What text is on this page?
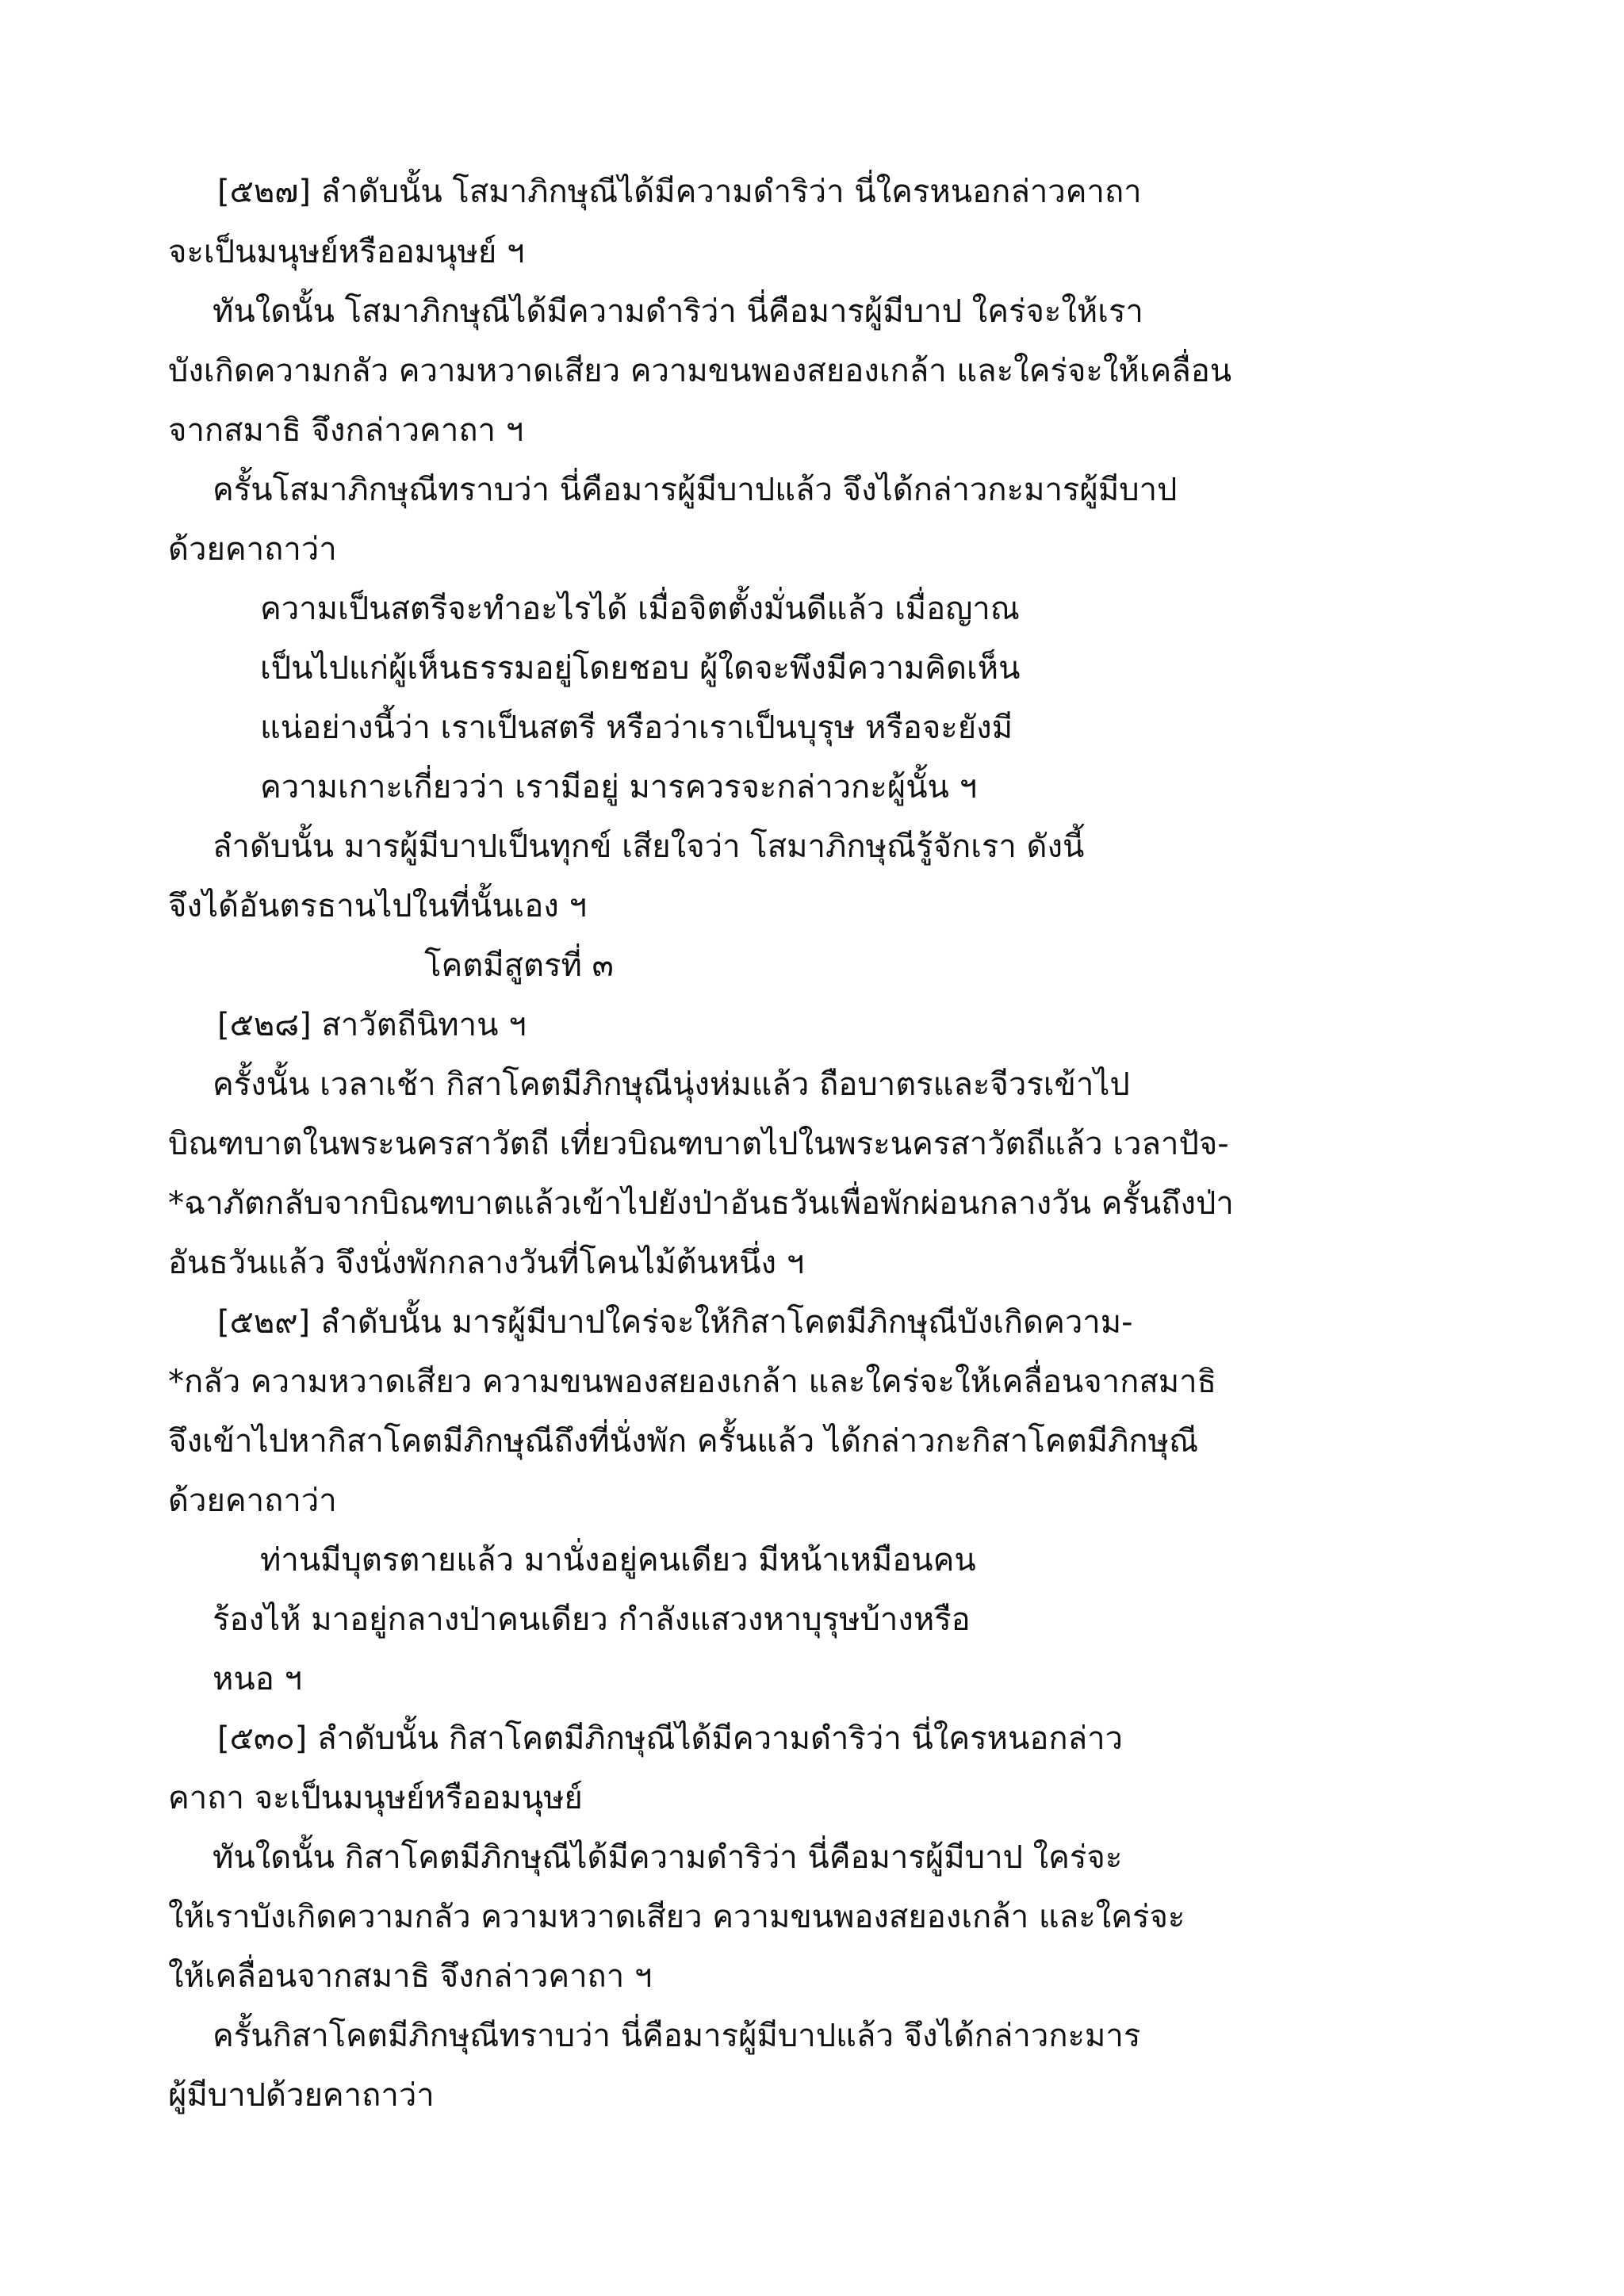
[๕๒๗] ลำดับนั้น โสมาภิกษุณีได้มีความดำริว่า นี่ใครหนอกล่าวคาถา
จะเป็นมนุษย์หรืออมนุษย์ ฯ
ทันใดนั้น โสมาภิกษุณีได้มีความดำริว่า นี่คือมารผู้มีบาป ใคร่จะให้เรา
บังเกิดความกลัว ความหวาดเสียว ความขนพองสยองเกล้า และใคร่จะให้เคลื่อน
จากสมาธิ จึงกล่าวคาถา ฯ
ครั้นโสมาภิกษุณีทราบว่า นี่คือมารผู้มีบาปแล้ว จึงได้กล่าวกะมารผู้มีบาป
ด้วยคาถาว่า
ความเป็นสตรีจะทำอะไรได้ เมื่อจิตตั้งมั่นดีแล้ว เมื่อญาณ
เป็นไปแก่ผู้เห็นธรรมอยู่โดยชอบ ผู้ใดจะพึงมีความคิดเห็น
แน่อย่างนี้ว่า เราเป็นสตรี หรือว่าเราเป็นบุรุษ หรือจะยังมี
ความเกาะเกี่ยวว่า เรามีอยู่ มารควรจะกล่าวกะผู้นั้น ฯ
ลำดับนั้น มารผู้มีบาปเป็นทุกข์ เสียใจว่า โสมาภิกษุณีรู้จักเรา ดังนี้
จึงได้อันตรธานไปในที่นั้นเอง ฯ
โคตมีสูตรที่ ๓
[๕๒๘] สาวัตถีนิทาน ฯ
ครั้งนั้น เวลาเช้า กิสาโคตมีภิกษุณีนุ่งห่มแล้ว ถือบาตรและจีวรเข้าไป
บิณฑบาตในพระนครสาวัตถี เที่ยวบิณฑบาตไปในพระนครสาวัตถีแล้ว เวลาปัจ-
*ฉาภัตกลับจากบิณฑบาตแล้วเข้าไปยังป่าอันธวันเพื่อพักผ่อนกลางวัน ครั้นถึงป่า
อันธวันแล้ว จึงนั่งพักกลางวันที่โคนไม้ต้นหนึ่ง ฯ
[๕๒๙] ลำดับนั้น มารผู้มีบาปใคร่จะให้กิสาโคตมีภิกษุณีบังเกิดความ-
*กลัว ความหวาดเสียว ความขนพองสยองเกล้า และใคร่จะให้เคลื่อนจากสมาธิ
จึงเข้าไปหากิสาโคตมีภิกษุณีถึงที่นั่งพัก ครั้นแล้ว ได้กล่าวกะกิสาโคตมีภิกษุณี
ด้วยคาถาว่า
ท่านมีบุตรตายแล้ว มานั่งอยู่คนเดียว มีหน้าเหมือนคน
ร้องไห้ มาอยู่กลางป่าคนเดียว กำลังแสวงหาบุรุษบ้างหรือ
หนอ ฯ
[๕๓๐] ลำดับนั้น กิสาโคตมีภิกษุณีได้มีความดำริว่า นี่ใครหนอกล่าว
คาถา จะเป็นมนุษย์หรืออมนุษย์
ทันใดนั้น กิสาโคตมีภิกษุณีได้มีความดำริว่า นี่คือมารผู้มีบาป ใคร่จะ
ให้เราบังเกิดความกลัว ความหวาดเสียว ความขนพองสยองเกล้า และใคร่จะ
ให้เคลื่อนจากสมาธิ จึงกล่าวคาถา ฯ
ครั้นกิสาโคตมีภิกษุณีทราบว่า นี่คือมารผู้มีบาปแล้ว จึงได้กล่าวกะมาร
ผู้มีบาปด้วยคาถาว่า
